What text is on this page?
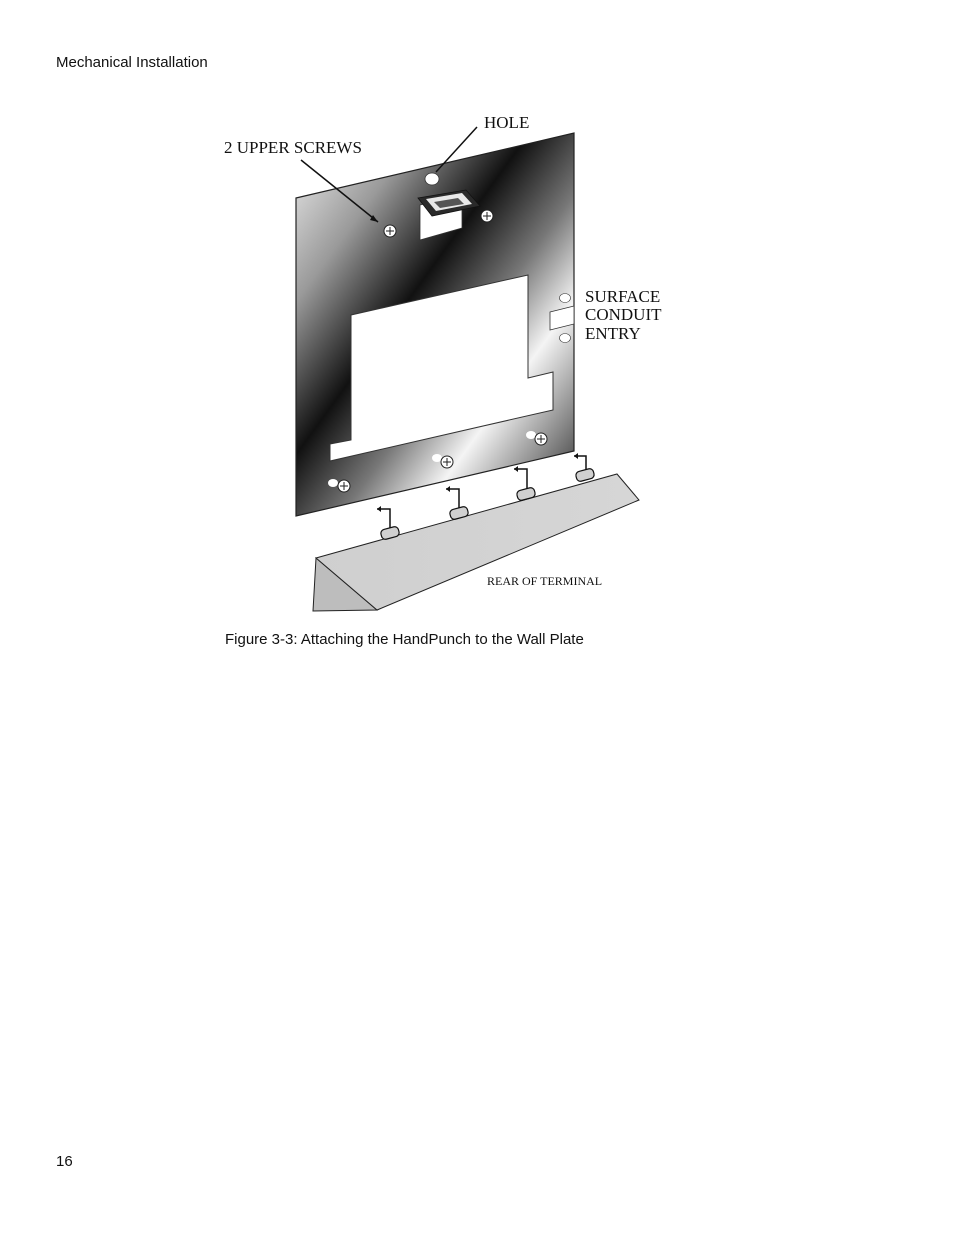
Mechanical Installation
HOLE
2 UPPER SCREWS
SURFACE
CONDUIT
ENTRY
REAR OF TERMINAL
Figure 3-3: Attaching the HandPunch to the Wall Plate
16
